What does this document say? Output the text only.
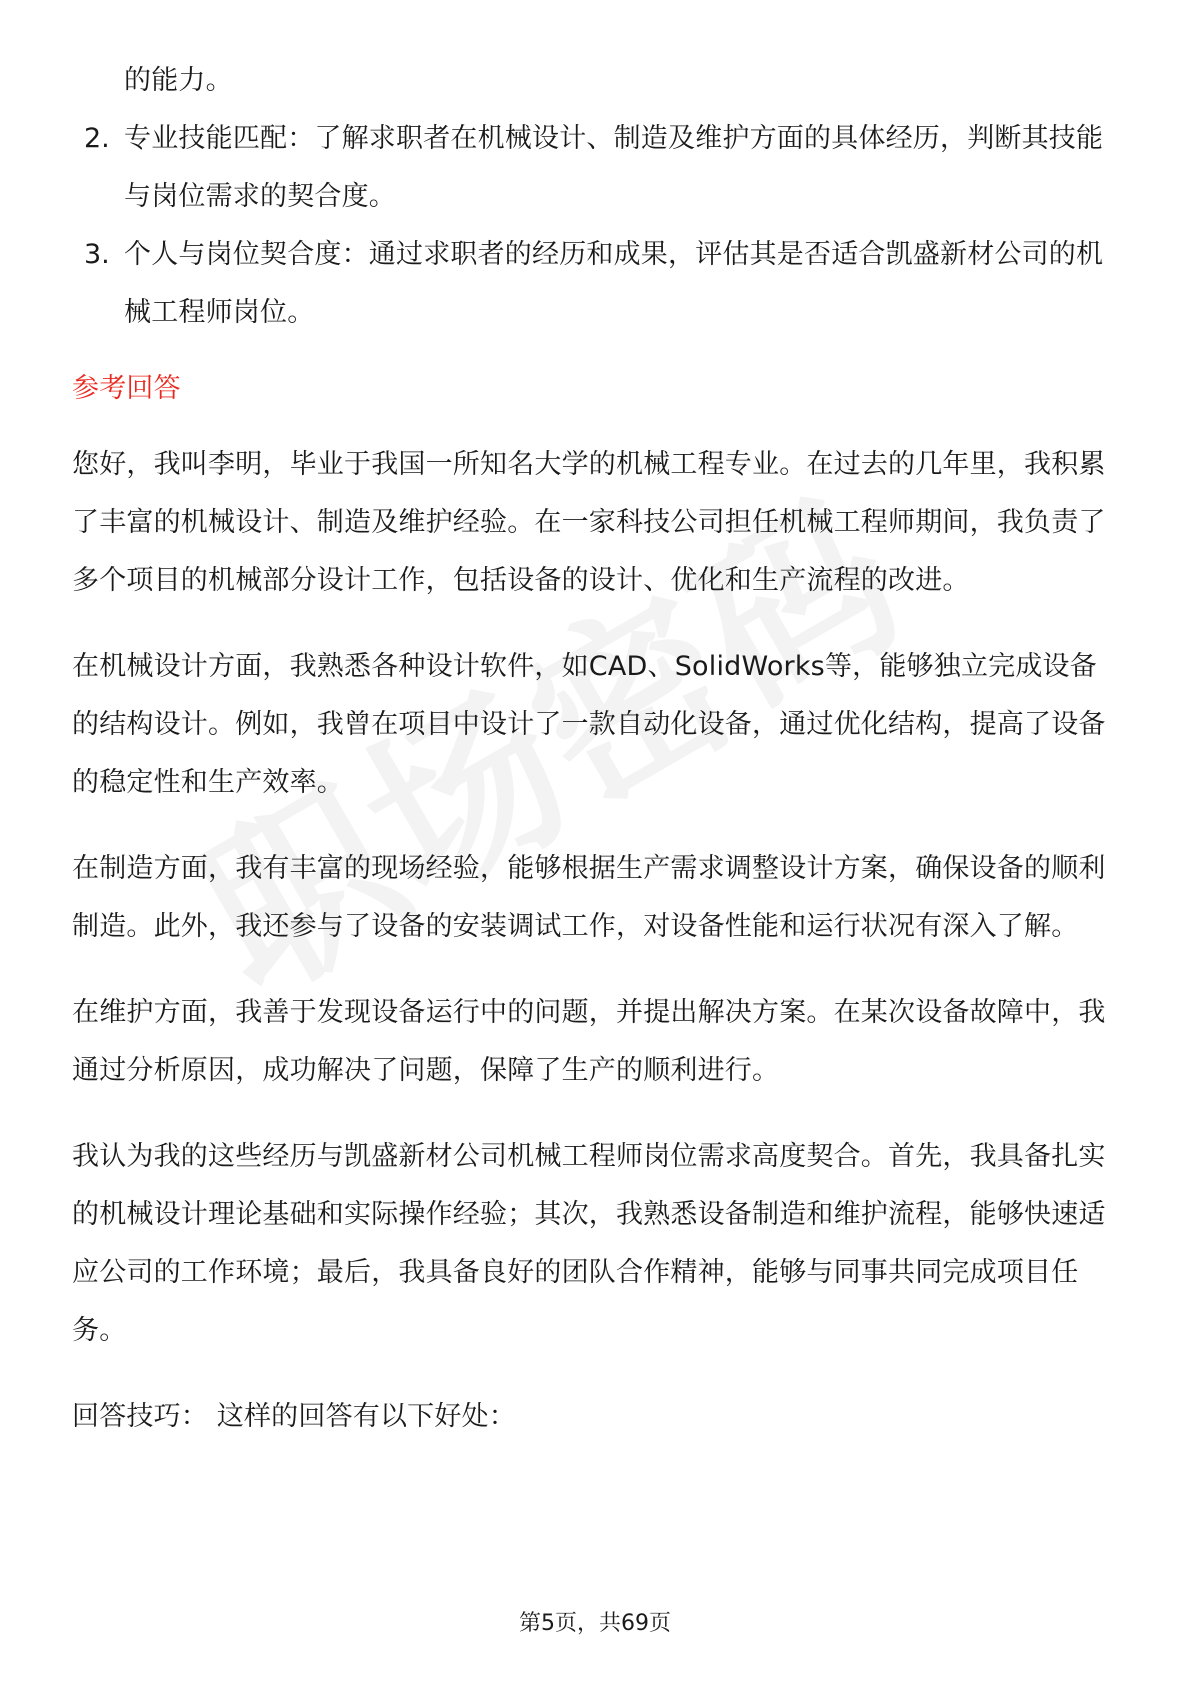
的能力。

2. 专业技能匹配：了解求职者在机械设计、制造及维护方面的具体经历，判断其技能与岗位需求的契合度。
3. 个人与岗位契合度：通过求职者的经历和成果，评估其是否适合凯盛新材公司的机械工程师岗位。
参考回答

您好，我叫李明，毕业于我国一所知名大学的机械工程专业。在过去的几年里，我积累了丰富的机械设计、制造及维护经验。在一家科技公司担任机械工程师期间，我负责了多个项目的机械部分设计工作，包括设备的设计、优化和生产流程的改进。

在机械设计方面，我熟悉各种设计软件，如CAD、SolidWorks等，能够独立完成设备的结构设计。例如，我曾在项目中设计了一款自动化设备，通过优化结构，提高了设备的稳定性和生产效率。

在制造方面，我有丰富的现场经验，能够根据生产需求调整设计方案，确保设备的顺利制造。此外，我还参与了设备的安装调试工作，对设备性能和运行状况有深入了解。

在维护方面，我善于发现设备运行中的问题，并提出解决方案。在某次设备故障中，我通过分析原因，成功解决了问题，保障了生产的顺利进行。

我认为我的这些经历与凯盛新材公司机械工程师岗位需求高度契合。首先，我具备扎实的机械设计理论基础和实际操作经验；其次，我熟悉设备制造和维护流程，能够快速适应公司的工作环境；最后，我具备良好的团队合作精神，能够与同事共同完成项目任务。

回答技巧： 这样的回答有以下好处：

第5页，共69页
